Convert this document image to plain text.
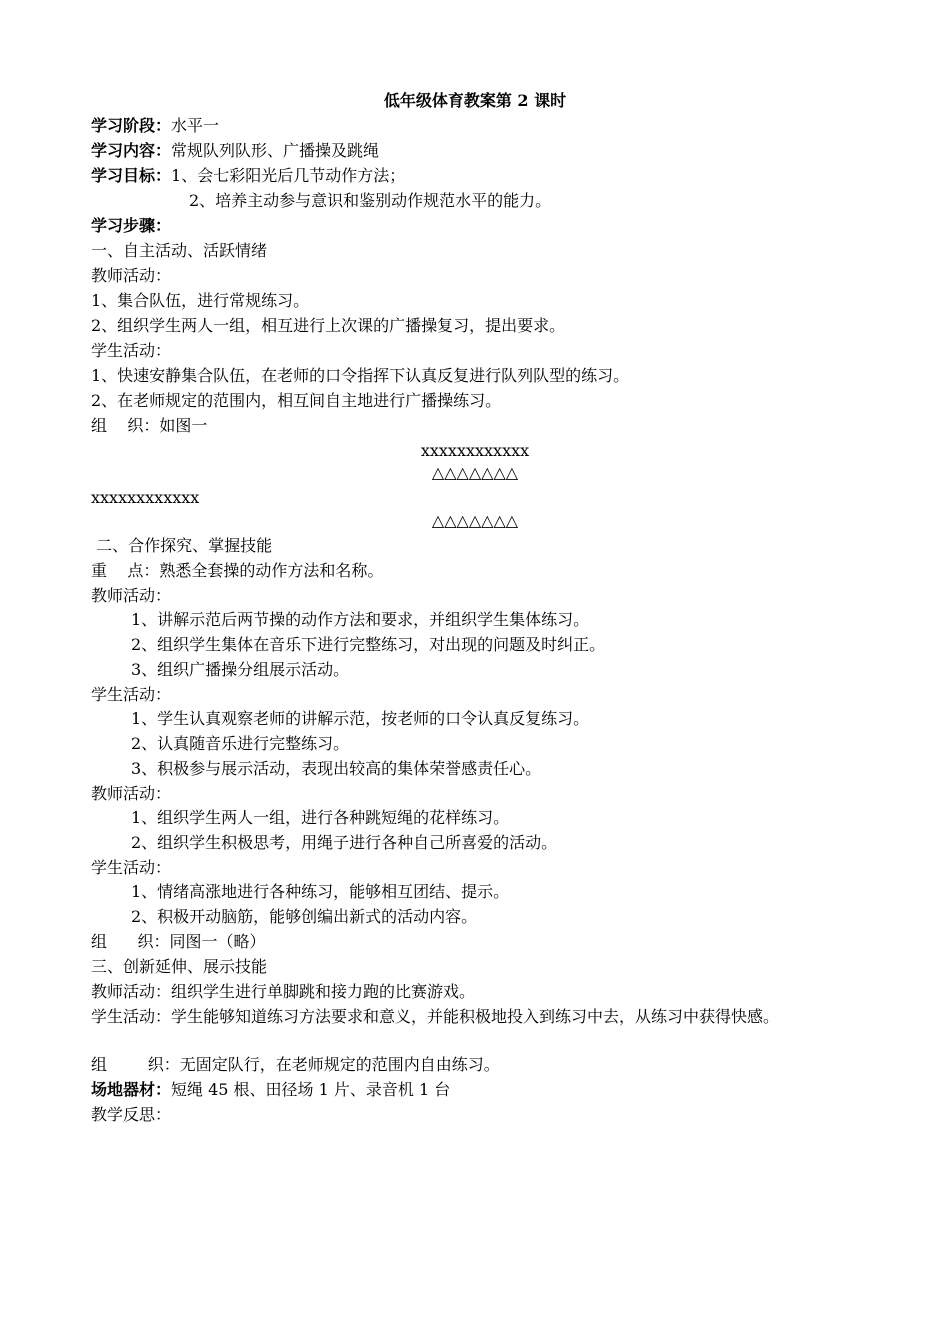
低年级体育教案第 2 课时
学习阶段：水平一
学习内容：常规队列队形、广播操及跳绳
学习目标：1、会七彩阳光后几节动作方法；
2、培养主动参与意识和鉴别动作规范水平的能力。
学习步骤：
一、自主活动、活跃情绪
教师活动：
1、集合队伍，进行常规练习。
2、组织学生两人一组，相互进行上次课的广播操复习，提出要求。
学生活动：
1、快速安静集合队伍，在老师的口令指挥下认真反复进行队列队型的练习。
2、在老师规定的范围内，相互间自主地进行广播操练习。
组    织：如图一
xxxxxxxxxxxx
△△△△△△△
xxxxxxxxxxxx
△△△△△△△
二、合作探究、掌握技能
重    点：熟悉全套操的动作方法和名称。
教师活动：
1、讲解示范后两节操的动作方法和要求，并组织学生集体练习。
2、组织学生集体在音乐下进行完整练习，对出现的问题及时纠正。
3、组织广播操分组展示活动。
学生活动：
1、学生认真观察老师的讲解示范，按老师的口令认真反复练习。
2、认真随音乐进行完整练习。
3、积极参与展示活动，表现出较高的集体荣誉感责任心。
教师活动：
1、组织学生两人一组，进行各种跳短绳的花样练习。
2、组织学生积极思考，用绳子进行各种自己所喜爱的活动。
学生活动：
1、情绪高涨地进行各种练习，能够相互团结、提示。
2、积极开动脑筋，能够创编出新式的活动内容。
组      织：同图一（略）
三、创新延伸、展示技能
教师活动：组织学生进行单脚跳和接力跑的比赛游戏。
学生活动：学生能够知道练习方法要求和意义，并能积极地投入到练习中去，从练习中获得快感。
组        织：无固定队行，在老师规定的范围内自由练习。
场地器材：短绳 45 根、田径场 1 片、录音机 1 台
教学反思：
